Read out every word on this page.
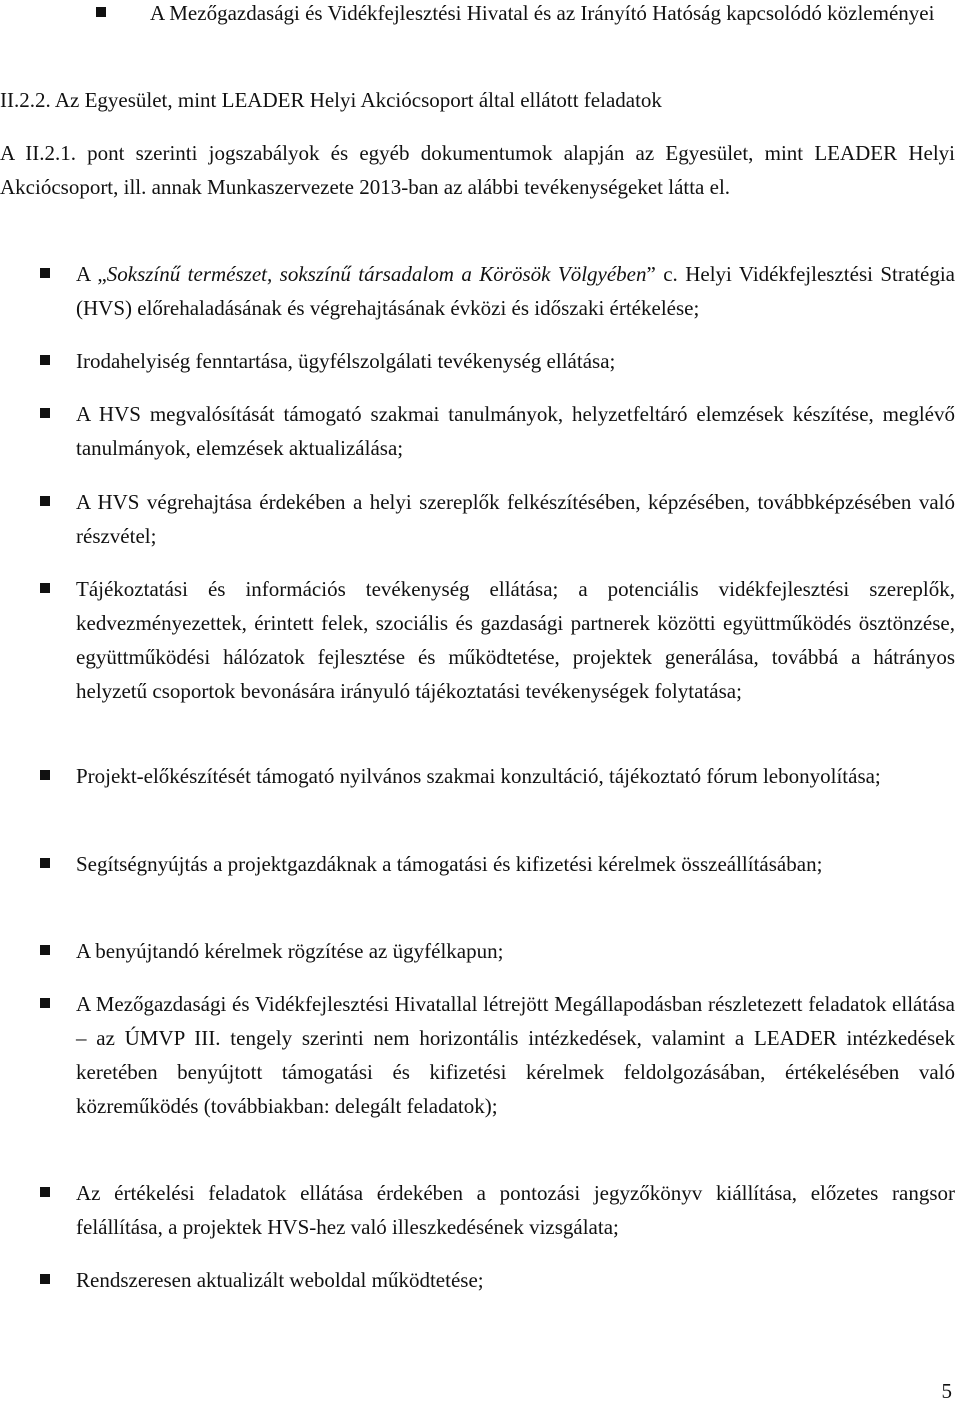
A Mezőgazdasági és Vidékfejlesztési Hivatal és az Irányító Hatóság kapcsolódó közleményei
II.2.2. Az Egyesület, mint LEADER Helyi Akciócsoport által ellátott feladatok
A II.2.1. pont szerinti jogszabályok és egyéb dokumentumok alapján az Egyesület, mint LEADER Helyi Akciócsoport, ill. annak Munkaszervezete 2013-ban az alábbi tevékenységeket látta el.
A „Sokszínű természet, sokszínű társadalom a Körösök Völgyében” c. Helyi Vidékfejlesztési Stratégia (HVS) előrehaladásának és végrehajtásának évközi és időszaki értékelése;
Irodahelyiség fenntartása, ügyfélszolgálati tevékenység ellátása;
A HVS megvalósítását támogató szakmai tanulmányok, helyzetfeltáró elemzések készítése, meglévő tanulmányok, elemzések aktualizálása;
A HVS végrehajtása érdekében a helyi szereplők felkészítésében, képzésében, továbbképzésében való részvétel;
Tájékoztatási és információs tevékenység ellátása; a potenciális vidékfejlesztési szereplők, kedvezményezettek, érintett felek, szociális és gazdasági partnerek közötti együttműködés ösztönzése, együttműködési hálózatok fejlesztése és működtetése, projektek generálása, továbbá a hátrányos helyzetű csoportok bevonására irányuló tájékoztatási tevékenységek folytatása;
Projekt-előkészítését támogató nyilvános szakmai konzultáció, tájékoztató fórum lebonyolítása;
Segítségnyújtás a projektgazdáknak a támogatási és kifizetési kérelmek összeállításában;
A benyújtandó kérelmek rögzítése az ügyfélkapun;
A Mezőgazdasági és Vidékfejlesztési Hivatallal létrejött Megállapodásban részletezett feladatok ellátása – az ÚMVP III. tengely szerinti nem horizontális intézkedések, valamint a LEADER intézkedések keretében benyújtott támogatási és kifizetési kérelmek feldolgozásában, értékelésében való közreműködés (továbbiakban: delegált feladatok);
Az értékelési feladatok ellátása érdekében a pontozási jegyzőkönyv kiállítása, előzetes rangsor felállítása, a projektek HVS-hez való illeszkedésének vizsgálata;
Rendszeresen aktualizált weboldal működtetése;
5
